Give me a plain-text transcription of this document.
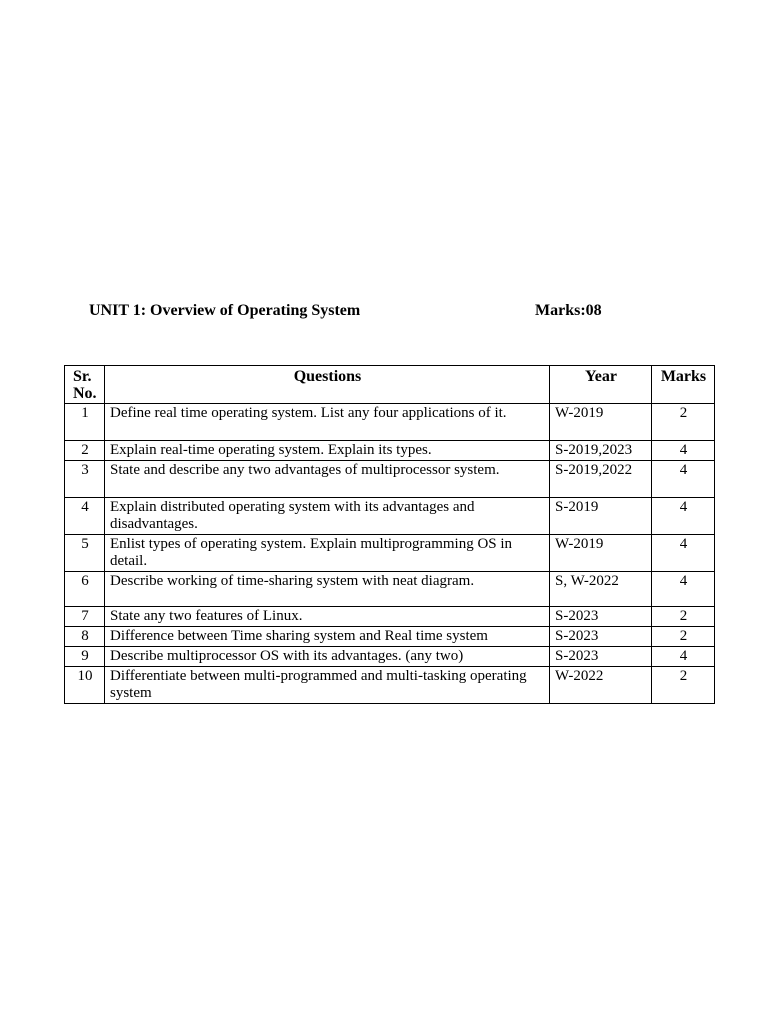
UNIT 1: Overview of Operating System	Marks:08
Sr. No.	Questions	Year	Marks
1	Define real time operating system. List any four applications of it.	W-2019	2
2	Explain real-time operating system. Explain its types.	S-2019,2023	4
3	State and describe any two advantages of multiprocessor system.	S-2019,2022	4
4	Explain distributed operating system with its advantages and disadvantages.	S-2019	4
5	Enlist types of operating system. Explain multiprogramming OS in detail.	W-2019	4
6	Describe working of time-sharing system with neat diagram.	S, W-2022	4
7	State any two features of Linux.	S-2023	2
8	Difference between Time sharing system and Real time system	S-2023	2
9	Describe multiprocessor OS with its advantages. (any two)	S-2023	4
10	Differentiate between multi-programmed and multi-tasking operating system	W-2022	2
